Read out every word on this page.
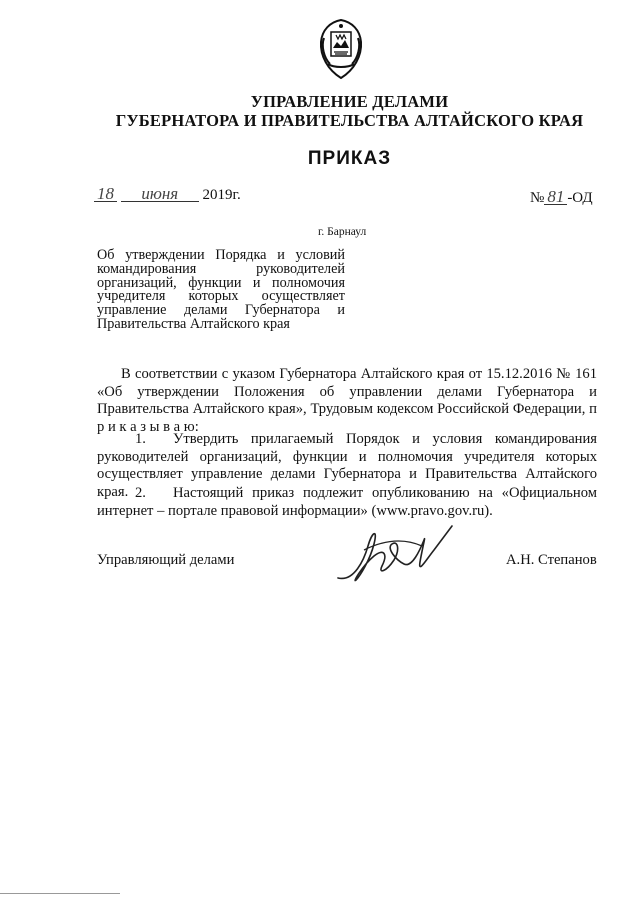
УПРАВЛЕНИЕ ДЕЛАМИ
ГУБЕРНАТОРА И ПРАВИТЕЛЬСТВА АЛТАЙСКОГО КРАЯ
ПРИКАЗ
18 июня 2019г.	№ 81 -ОД
г. Барнаул
Об утверждении Порядка и условий командирования руководителей организаций, функции и полномочия учредителя которых осуществляет управление делами Губернатора и Правительства Алтайского края
В соответствии с указом Губернатора Алтайского края от 15.12.2016 № 161 «Об утверждении Положения об управлении делами Губернатора и Правительства Алтайского края», Трудовым кодексом Российской Федерации, п р и к а з ы в а ю:
1. Утвердить прилагаемый Порядок и условия командирования руководителей организаций, функции и полномочия учредителя которых осуществляет управление делами Губернатора и Правительства Алтайского края. 2. Настоящий приказ подлежит опубликованию на «Официальном интернет – портале правовой информации» (www.pravo.gov.ru).
Управляющий делами	А.Н. Степанов
